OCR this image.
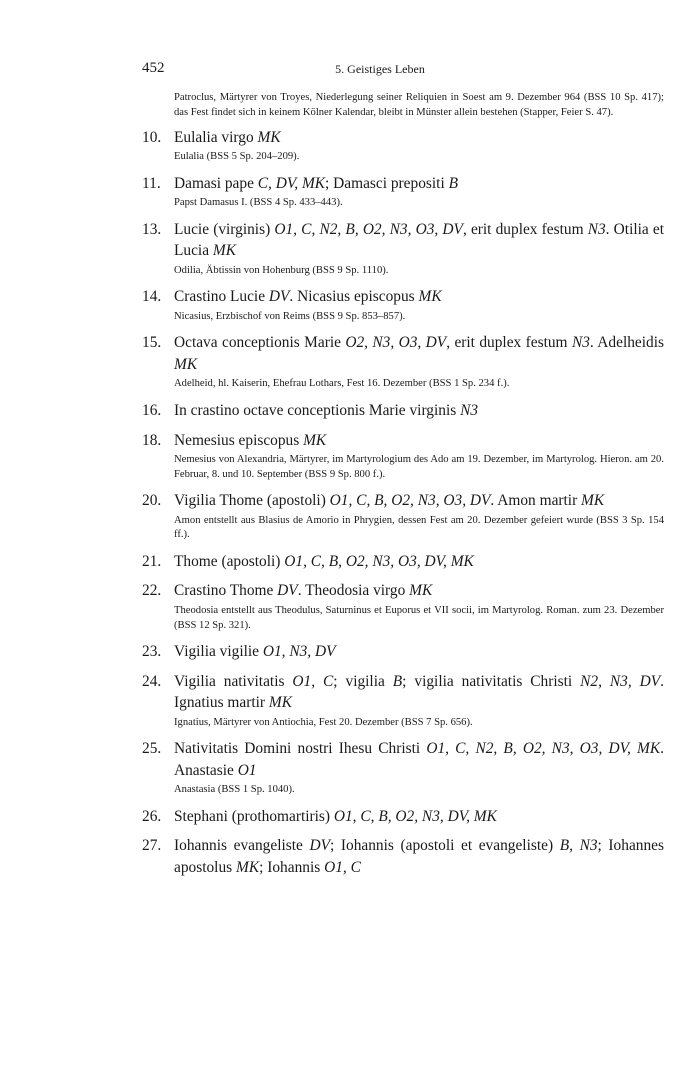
452	5. Geistiges Leben
Patroclus, Märtyrer von Troyes, Niederlegung seiner Reliquien in Soest am 9. Dezember 964 (BSS 10 Sp. 417); das Fest findet sich in keinem Kölner Kalendar, bleibt in Münster allein bestehen (Stapper, Feier S. 47).
10. Eulalia virgo MK
Eulalia (BSS 5 Sp. 204–209).
11. Damasi pape C, DV, MK; Damasci prepositi B
Papst Damasus I. (BSS 4 Sp. 433–443).
13. Lucie (virginis) O1, C, N2, B, O2, N3, O3, DV, erit duplex festum N3. Otilia et Lucia MK
Odilia, Äbtissin von Hohenburg (BSS 9 Sp. 1110).
14. Crastino Lucie DV. Nicasius episcopus MK
Nicasius, Erzbischof von Reims (BSS 9 Sp. 853–857).
15. Octava conceptionis Marie O2, N3, O3, DV, erit duplex festum N3. Adelheidis MK
Adelheid, hl. Kaiserin, Ehefrau Lothars, Fest 16. Dezember (BSS 1 Sp. 234 f.).
16. In crastino octave conceptionis Marie virginis N3
18. Nemesius episcopus MK
Nemesius von Alexandria, Märtyrer, im Martyrologium des Ado am 19. Dezember, im Martyrolog. Hieron. am 20. Februar, 8. und 10. September (BSS 9 Sp. 800 f.).
20. Vigilia Thome (apostoli) O1, C, B, O2, N3, O3, DV. Amon martir MK
Amon entstellt aus Blasius de Amorio in Phrygien, dessen Fest am 20. Dezember gefeiert wurde (BSS 3 Sp. 154 ff.).
21. Thome (apostoli) O1, C, B, O2, N3, O3, DV, MK
22. Crastino Thome DV. Theodosia virgo MK
Theodosia entstellt aus Theodulus, Saturninus et Euporus et VII socii, im Martyrolog. Roman. zum 23. Dezember (BSS 12 Sp. 321).
23. Vigilia vigilie O1, N3, DV
24. Vigilia nativitatis O1, C; vigilia B; vigilia nativitatis Christi N2, N3, DV. Ignatius martir MK
Ignatius, Märtyrer von Antiochia, Fest 20. Dezember (BSS 7 Sp. 656).
25. Nativitatis Domini nostri Ihesu Christi O1, C, N2, B, O2, N3, O3, DV, MK. Anastasie O1
Anastasia (BSS 1 Sp. 1040).
26. Stephani (prothomartiris) O1, C, B, O2, N3, DV, MK
27. Iohannis evangeliste DV; Iohannis (apostoli et evangeliste) B, N3; Iohannes apostolus MK; Iohannis O1, C
